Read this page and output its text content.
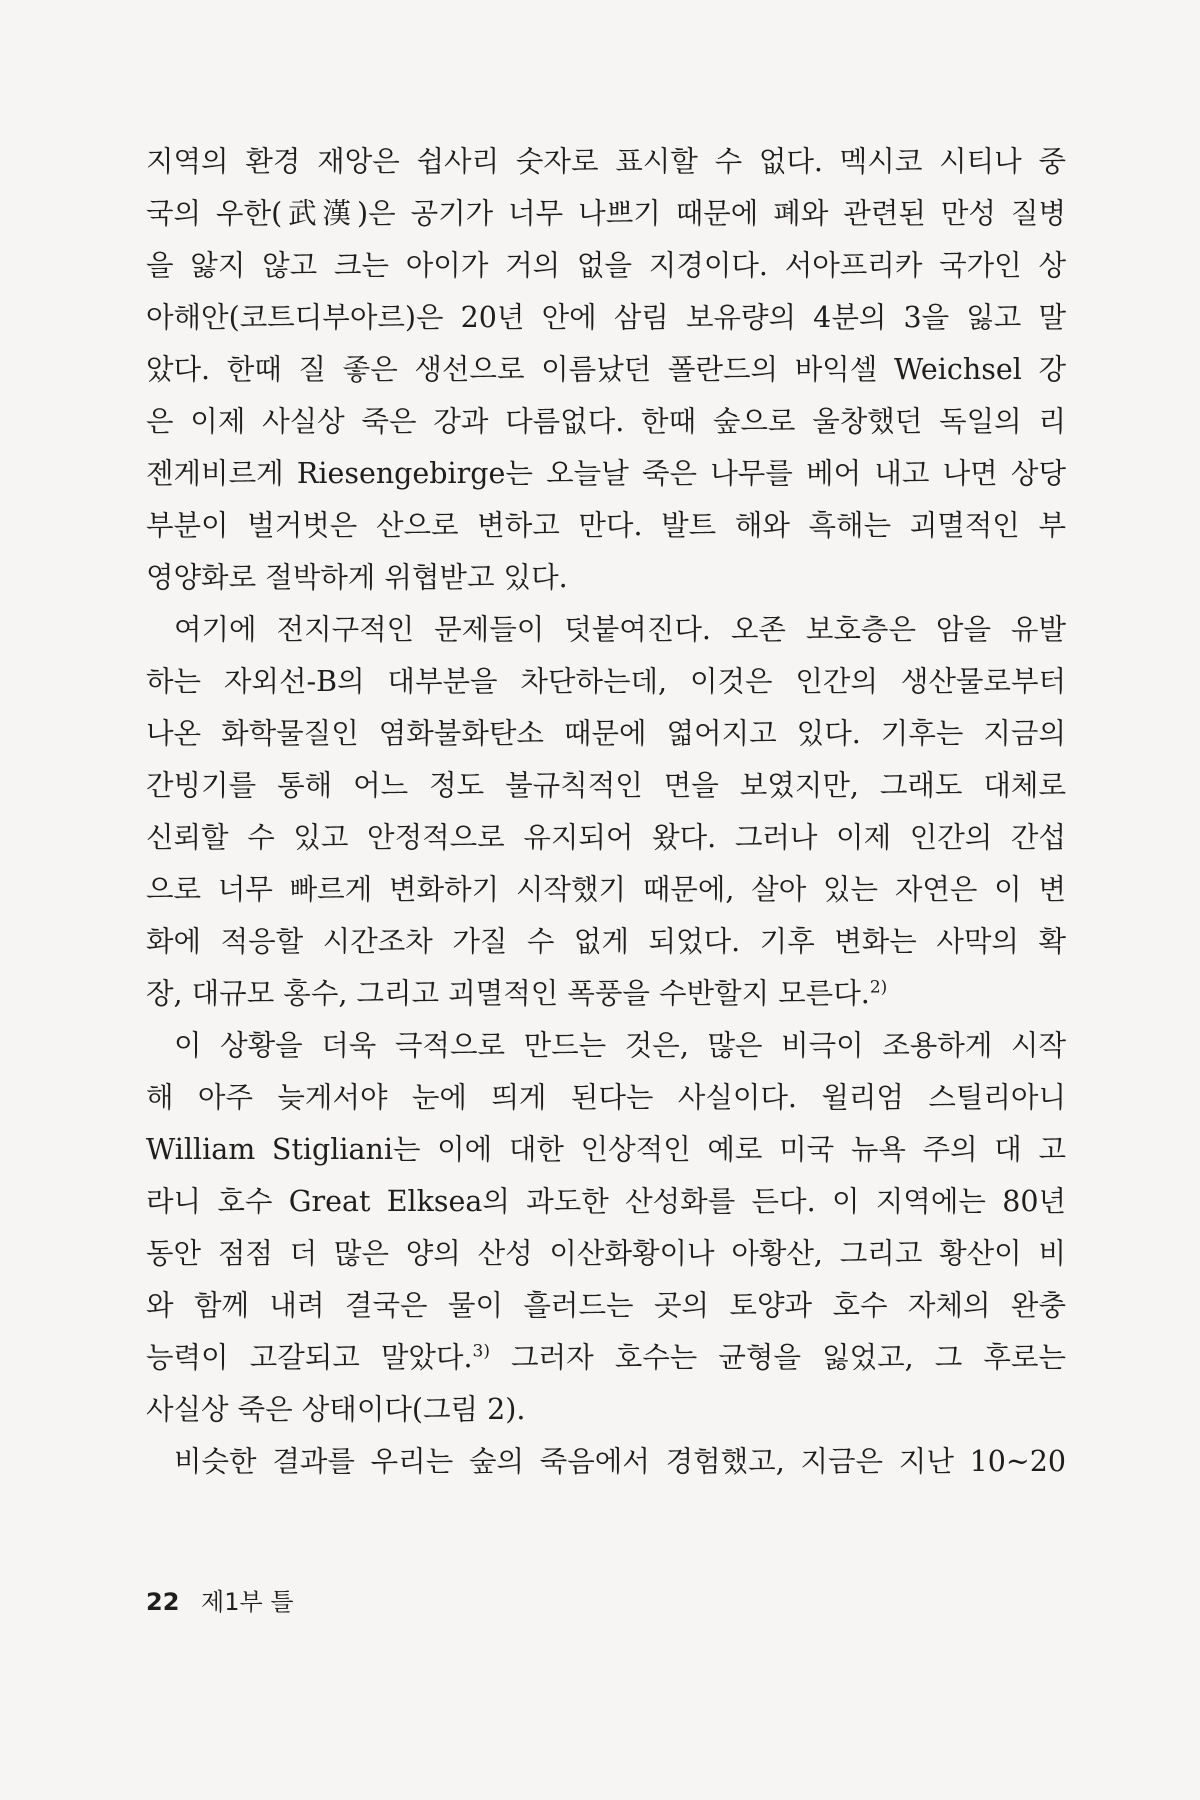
지역의 환경 재앙은 쉽사리 숫자로 표시할 수 없다. 멕시코 시티나 중
국의 우한(武漢)은 공기가 너무 나쁘기 때문에 폐와 관련된 만성 질병
을 앓지 않고 크는 아이가 거의 없을 지경이다. 서아프리카 국가인 상
아해안(코트디부아르)은 20년 안에 삼림 보유량의 4분의 3을 잃고 말
았다. 한때 질 좋은 생선으로 이름났던 폴란드의 바익셀 Weichsel 강
은 이제 사실상 죽은 강과 다름없다. 한때 숲으로 울창했던 독일의 리
젠게비르게 Riesengebirge는 오늘날 죽은 나무를 베어 내고 나면 상당
부분이 벌거벗은 산으로 변하고 만다. 발트 해와 흑해는 괴멸적인 부
영양화로 절박하게 위협받고 있다.
여기에 전지구적인 문제들이 덧붙여진다. 오존 보호층은 암을 유발
하는 자외선-B의 대부분을 차단하는데, 이것은 인간의 생산물로부터
나온 화학물질인 염화불화탄소 때문에 엷어지고 있다. 기후는 지금의
간빙기를 통해 어느 정도 불규칙적인 면을 보였지만, 그래도 대체로
신뢰할 수 있고 안정적으로 유지되어 왔다. 그러나 이제 인간의 간섭
으로 너무 빠르게 변화하기 시작했기 때문에, 살아 있는 자연은 이 변
화에 적응할 시간조차 가질 수 없게 되었다. 기후 변화는 사막의 확
장, 대규모 홍수, 그리고 괴멸적인 폭풍을 수반할지 모른다.$^{2)}$
이 상황을 더욱 극적으로 만드는 것은, 많은 비극이 조용하게 시작
해 아주 늦게서야 눈에 띄게 된다는 사실이다. 윌리엄 스틸리아니
William Stigliani는 이에 대한 인상적인 예로 미국 뉴욕 주의 대 고
라니 호수 Great Elksea의 과도한 산성화를 든다. 이 지역에는 80년
동안 점점 더 많은 양의 산성 이산화황이나 아황산, 그리고 황산이 비
와 함께 내려 결국은 물이 흘러드는 곳의 토양과 호수 자체의 완충
능력이 고갈되고 말았다.$^{3)}$ 그러자 호수는 균형을 잃었고, 그 후로는
사실상 죽은 상태이다(그림 2).
비슷한 결과를 우리는 숲의 죽음에서 경험했고, 지금은 지난 10~20
22 제1부 틀
